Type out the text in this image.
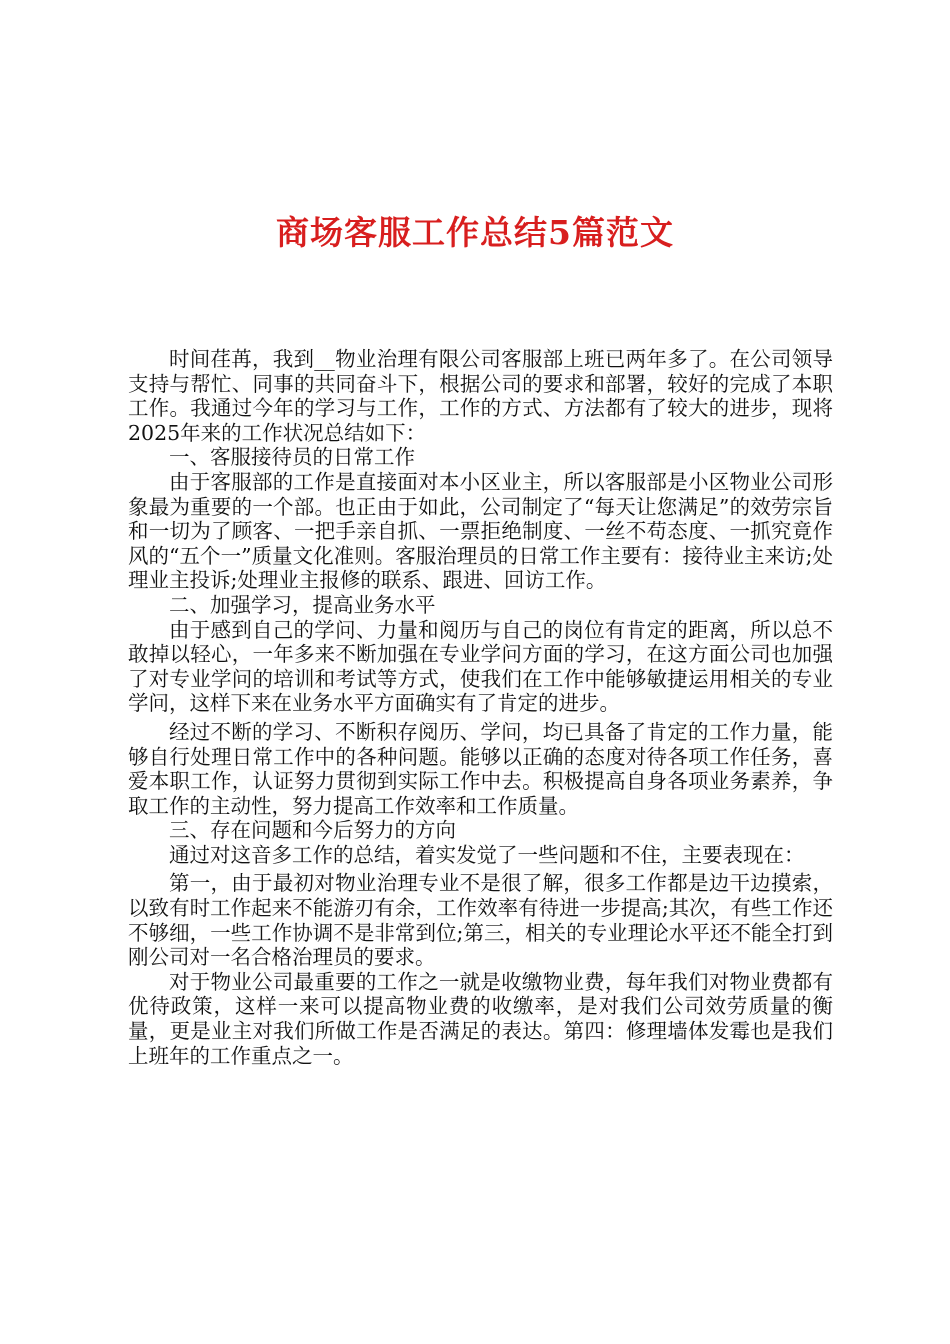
商场客服工作总结5篇范文

时间荏苒，我到__物业治理有限公司客服部上班已两年多了。在公司领导支持与帮忙、同事的共同奋斗下，根据公司的要求和部署，较好的完成了本职工作。我通过今年的学习与工作，工作的方式、方法都有了较大的进步，现将2025年来的工作状况总结如下：

一、客服接待员的日常工作

由于客服部的工作是直接面对本小区业主，所以客服部是小区物业公司形象最为重要的一个部。也正由于如此，公司制定了“每天让您满足”的效劳宗旨和一切为了顾客、一把手亲自抓、一票拒绝制度、一丝不苟态度、一抓究竟作风的“五个一”质量文化准则。客服治理员的日常工作主要有：接待业主来访;处理业主投诉;处理业主报修的联系、跟进、回访工作。

二、加强学习，提高业务水平

由于感到自己的学问、力量和阅历与自己的岗位有肯定的距离，所以总不敢掉以轻心，一年多来不断加强在专业学问方面的学习，在这方面公司也加强了对专业学问的培训和考试等方式，使我们在工作中能够敏捷运用相关的专业学问，这样下来在业务水平方面确实有了肯定的进步。

经过不断的学习、不断积存阅历、学问，均已具备了肯定的工作力量，能够自行处理日常工作中的各种问题。能够以正确的态度对待各项工作任务，喜爱本职工作，认证努力贯彻到实际工作中去。积极提高自身各项业务素养，争取工作的主动性，努力提高工作效率和工作质量。

三、存在问题和今后努力的方向

通过对这音多工作的总结，着实发觉了一些问题和不住，主要表现在：

第一，由于最初对物业治理专业不是很了解，很多工作都是边干边摸索，以致有时工作起来不能游刃有余，工作效率有待进一步提高;其次，有些工作还不够细，一些工作协调不是非常到位;第三，相关的专业理论水平还不能全打到刚公司对一名合格治理员的要求。

对于物业公司最重要的工作之一就是收缴物业费，每年我们对物业费都有优待政策，这样一来可以提高物业费的收缴率，是对我们公司效劳质量的衡量，更是业主对我们所做工作是否满足的表达。第四：修理墙体发霉也是我们上班年的工作重点之一。
